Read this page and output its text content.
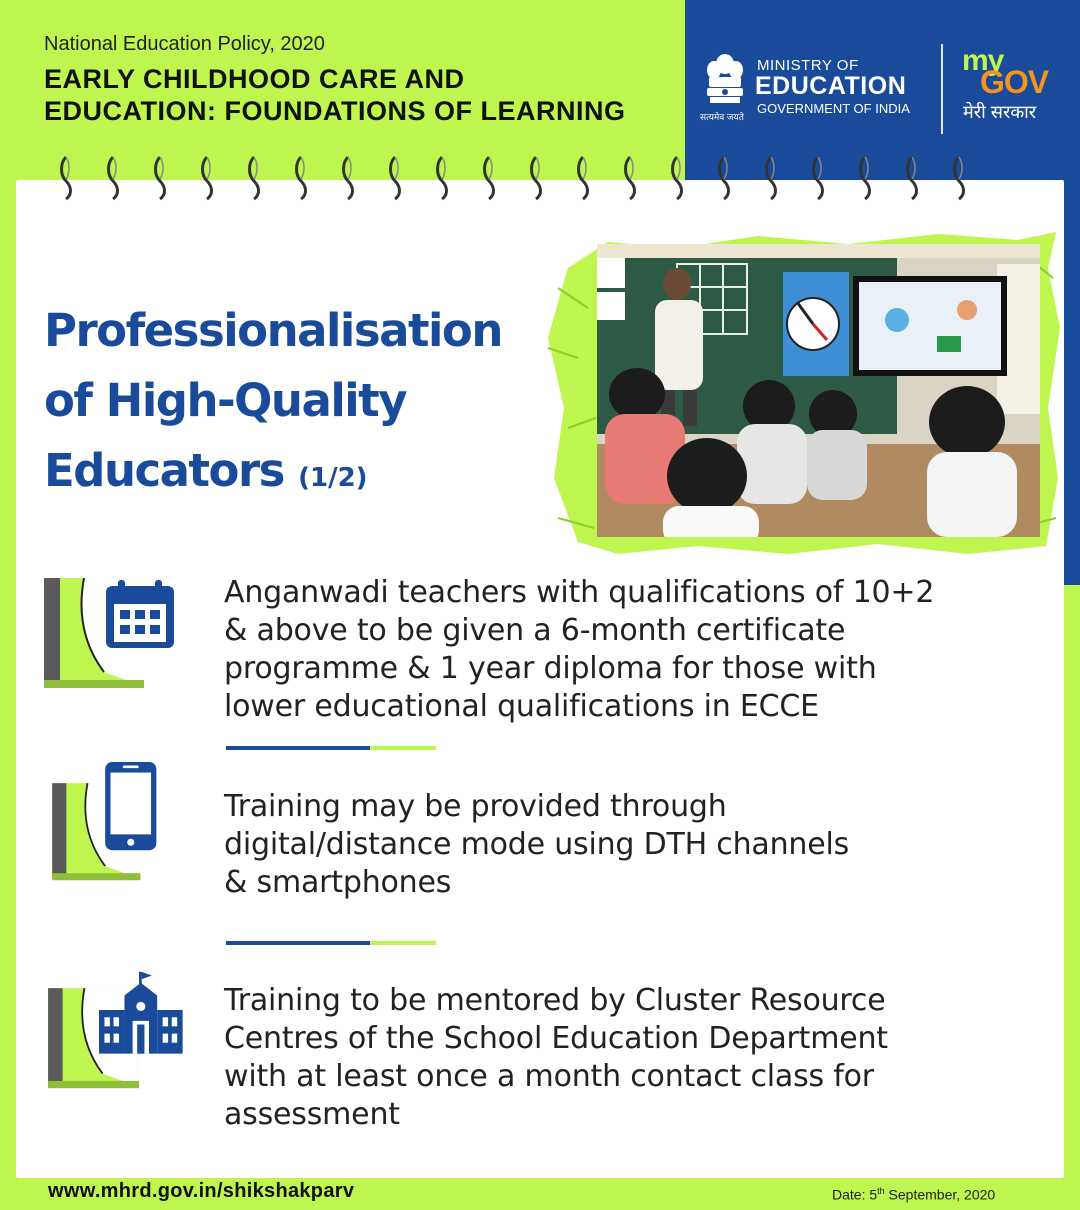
National Education Policy, 2020
EARLY CHILDHOOD CARE AND
EDUCATION: FOUNDATIONS OF LEARNING	सत्यमेव जयते
MINISTRY OF
EDUCATION
GOVERNMENT OF INDIA
my
GOV
मेरी सरकार
Professionalisation
of High-Quality
Educators (1/2)
Anganwadi teachers with qualifications of 10+2
& above to be given a 6-month certificate
programme & 1 year diploma for those with
lower educational qualifications in ECCE
Training may be provided through
digital/distance mode using DTH channels
& smartphones
Training to be mentored by Cluster Resource
Centres of the School Education Department
with at least once a month contact class for
assessment
www.mhrd.gov.in/shikshakparv	Date: 5th September, 2020
